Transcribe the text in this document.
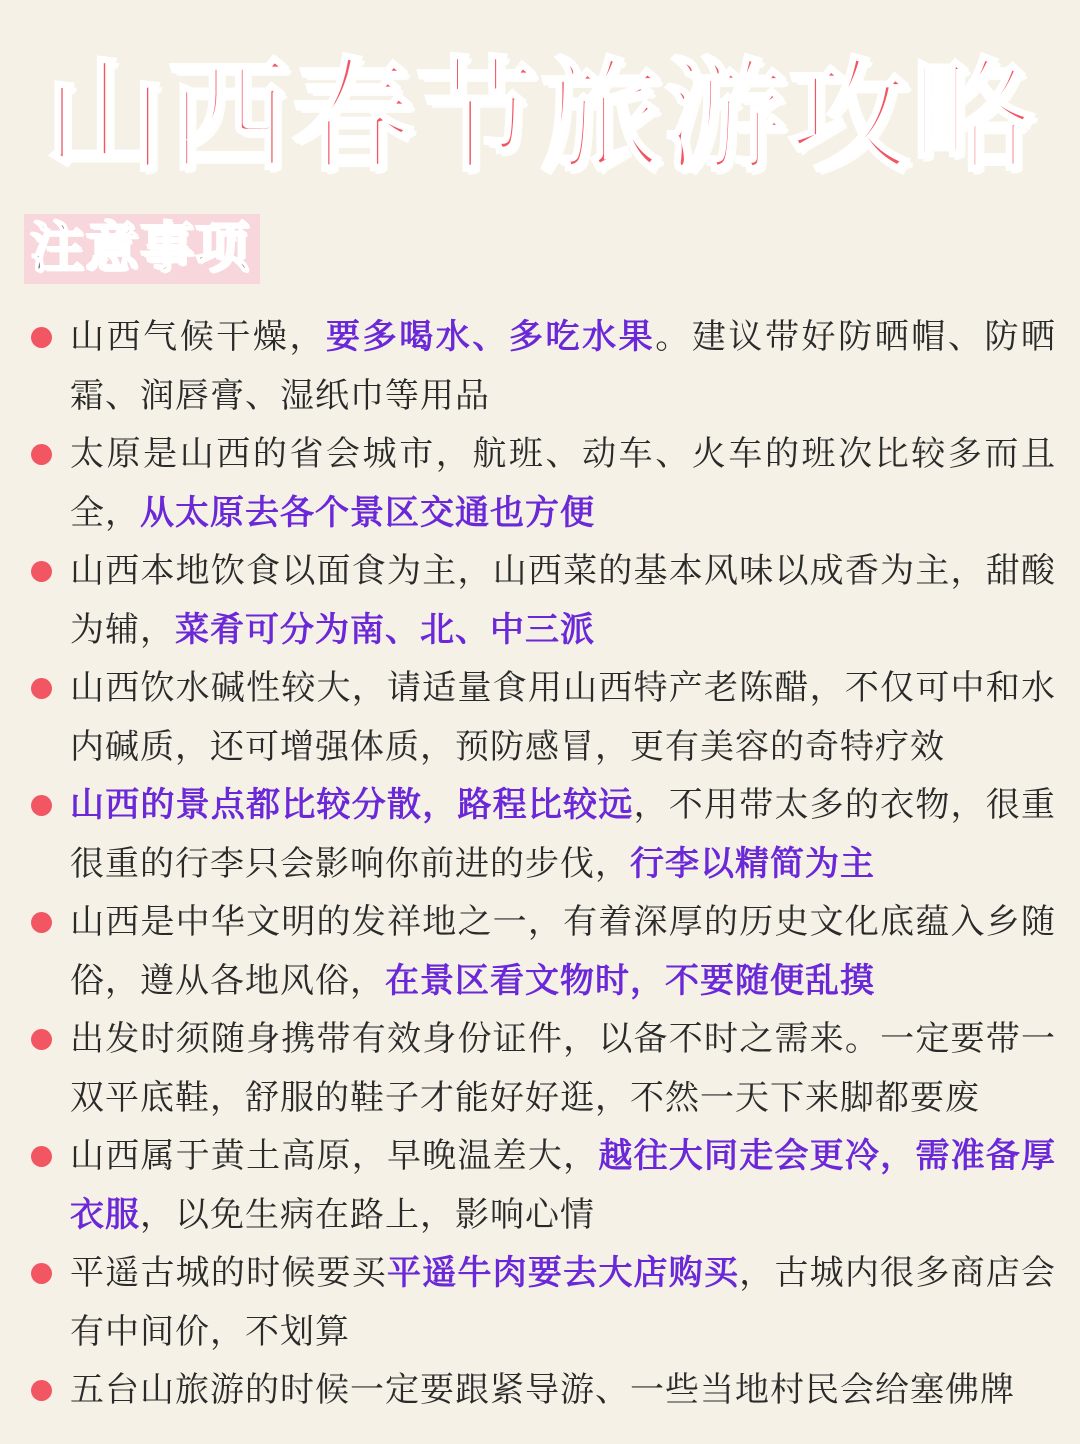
山西春节旅游攻略
注意事项
山西气候干燥，要多喝水、多吃水果。建议带好防晒帽、防晒霜、润唇膏、湿纸巾等用品
太原是山西的省会城市，航班、动车、火车的班次比较多而且全，从太原去各个景区交通也方便
山西本地饮食以面食为主，山西菜的基本风味以成香为主，甜酸为辅，菜肴可分为南、北、中三派
山西饮水碱性较大，请适量食用山西特产老陈醋，不仅可中和水内碱质，还可增强体质，预防感冒，更有美容的奇特疗效
山西的景点都比较分散，路程比较远，不用带太多的衣物，很重很重的行李只会影响你前进的步伐，行李以精简为主
山西是中华文明的发祥地之一，有着深厚的历史文化底蕴入乡随俗，遵从各地风俗，在景区看文物时，不要随便乱摸
出发时须随身携带有效身份证件，以备不时之需来。一定要带一双平底鞋，舒服的鞋子才能好好逛，不然一天下来脚都要废
山西属于黄土高原，早晚温差大，越往大同走会更冷，需准备厚衣服，以免生病在路上，影响心情
平遥古城的时候要买平遥牛肉要去大店购买，古城内很多商店会有中间价，不划算
五台山旅游的时候一定要跟紧导游、一些当地村民会给塞佛牌
